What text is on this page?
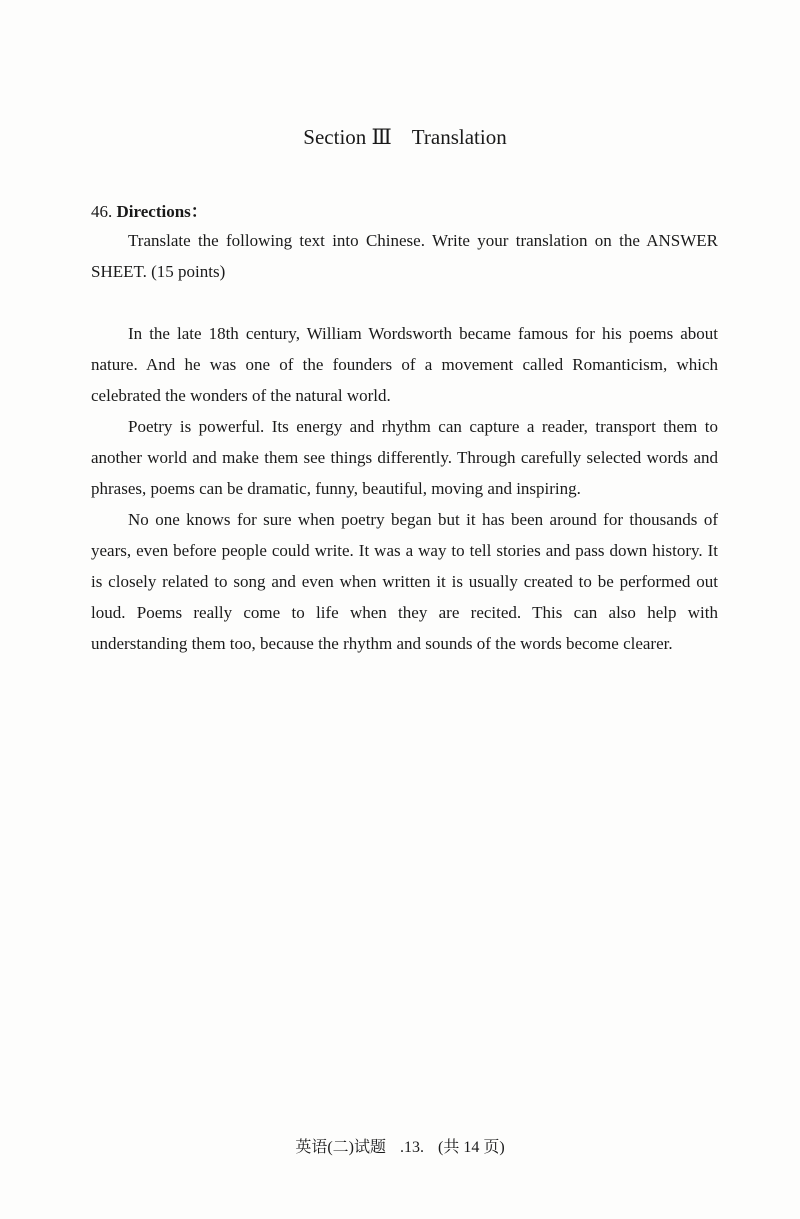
Section Ⅲ Translation
46. Directions：

Translate the following text into Chinese. Write your translation on the ANSWER SHEET. (15 points)

In the late 18th century, William Wordsworth became famous for his poems about nature. And he was one of the founders of a movement called Romanticism, which celebrated the wonders of the natural world.

Poetry is powerful. Its energy and rhythm can capture a reader, transport them to another world and make them see things differently. Through carefully selected words and phrases, poems can be dramatic, funny, beautiful, moving and inspiring.

No one knows for sure when poetry began but it has been around for thousands of years, even before people could write. It was a way to tell stories and pass down history. It is closely related to song and even when written it is usually created to be performed out loud. Poems really come to life when they are recited. This can also help with understanding them too, because the rhythm and sounds of the words become clearer.

英语(二)试题 .13. (共 14 页)
